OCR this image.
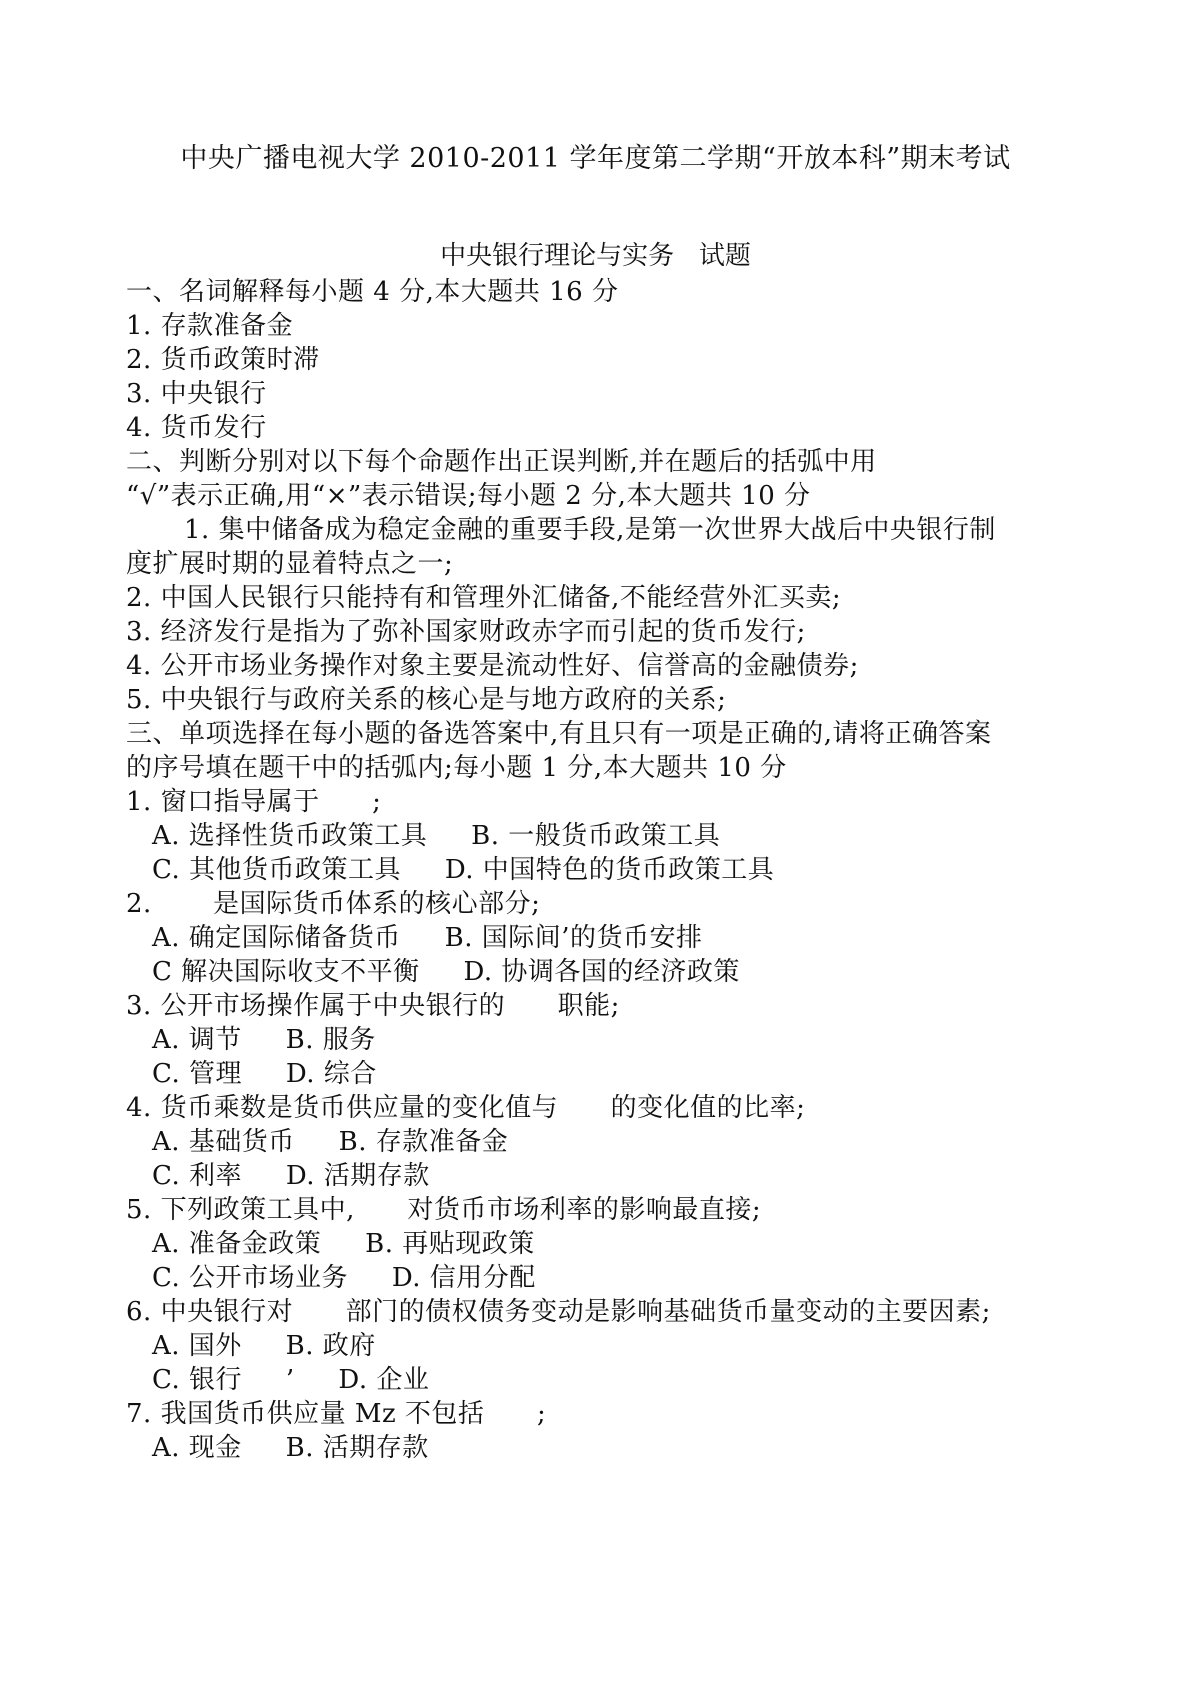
中央广播电视大学 2010-2011 学年度第二学期“开放本科”期末考试
中央银行理论与实务   试题
一、名词解释每小题 4 分,本大题共 16 分
1. 存款准备金
2. 货币政策时滞
3. 中央银行
4. 货币发行
二、判断分别对以下每个命题作出正误判断,并在题后的括弧中用
“√”表示正确,用“×”表示错误;每小题 2 分,本大题共 10 分
1. 集中储备成为稳定金融的重要手段,是第一次世界大战后中央银行制
度扩展时期的显着特点之一;
2. 中国人民银行只能持有和管理外汇储备,不能经营外汇买卖;
3. 经济发行是指为了弥补国家财政赤字而引起的货币发行;
4. 公开市场业务操作对象主要是流动性好、信誉高的金融债券;
5. 中央银行与政府关系的核心是与地方政府的关系;
三、单项选择在每小题的备选答案中,有且只有一项是正确的,请将正确答案
的序号填在题干中的括弧内;每小题 1 分,本大题共 10 分
1. 窗口指导属于      ;
A. 选择性货币政策工具     B. 一般货币政策工具
C. 其他货币政策工具     D. 中国特色的货币政策工具
2.       是国际货币体系的核心部分;
A. 确定国际储备货币     B. 国际间’的货币安排
C 解决国际收支不平衡     D. 协调各国的经济政策
3. 公开市场操作属于中央银行的      职能;
A. 调节     B. 服务
C. 管理     D. 综合
4. 货币乘数是货币供应量的变化值与      的变化值的比率;
A. 基础货币     B. 存款准备金
C. 利率     D. 活期存款
5. 下列政策工具中,      对货币市场利率的影响最直接;
A. 准备金政策     B. 再贴现政策
C. 公开市场业务     D. 信用分配
6. 中央银行对      部门的债权债务变动是影响基础货币量变动的主要因素;
A. 国外     B. 政府
C. 银行     ’     D. 企业
7. 我国货币供应量 Mz 不包括      ;
A. 现金     B. 活期存款
